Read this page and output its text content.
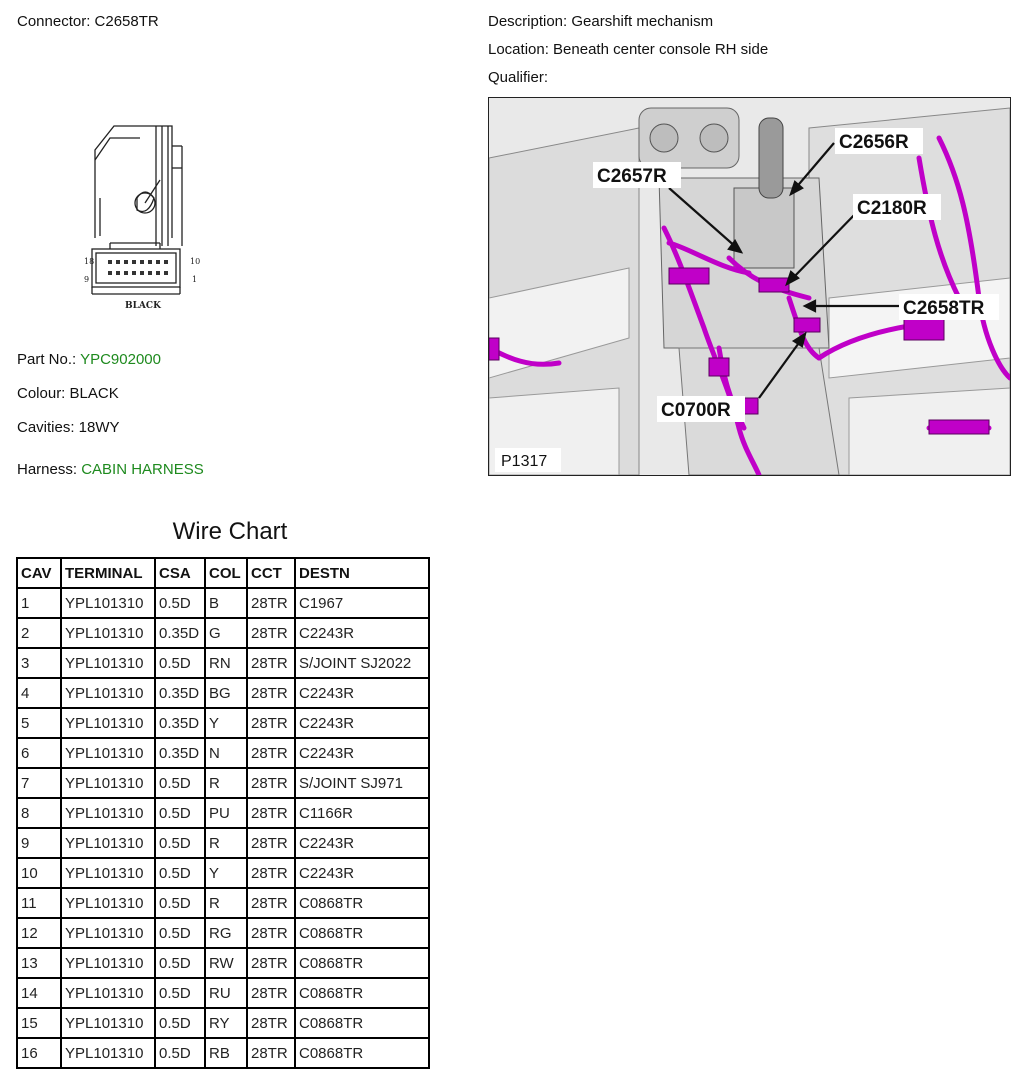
Connector: C2658TR
18	10
9	1
BLACK
Part No.: YPC902000
Colour: BLACK
Cavities: 18WY
Harness: CABIN HARNESS
Description: Gearshift mechanism
Location: Beneath center console RH side
Qualifier:
C2656R
C2657R
C2180R
C2658TR
C0700R
P1317
Wire Chart
CAV	TERMINAL	CSA	COL	CCT	DESTN
1	YPL101310	0.5D	B	28TR	C1967
2	YPL101310	0.35D	G	28TR	C2243R
3	YPL101310	0.5D	RN	28TR	S/JOINT SJ2022
4	YPL101310	0.35D	BG	28TR	C2243R
5	YPL101310	0.35D	Y	28TR	C2243R
6	YPL101310	0.35D	N	28TR	C2243R
7	YPL101310	0.5D	R	28TR	S/JOINT SJ971
8	YPL101310	0.5D	PU	28TR	C1166R
9	YPL101310	0.5D	R	28TR	C2243R
10	YPL101310	0.5D	Y	28TR	C2243R
11	YPL101310	0.5D	R	28TR	C0868TR
12	YPL101310	0.5D	RG	28TR	C0868TR
13	YPL101310	0.5D	RW	28TR	C0868TR
14	YPL101310	0.5D	RU	28TR	C0868TR
15	YPL101310	0.5D	RY	28TR	C0868TR
16	YPL101310	0.5D	RB	28TR	C0868TR
